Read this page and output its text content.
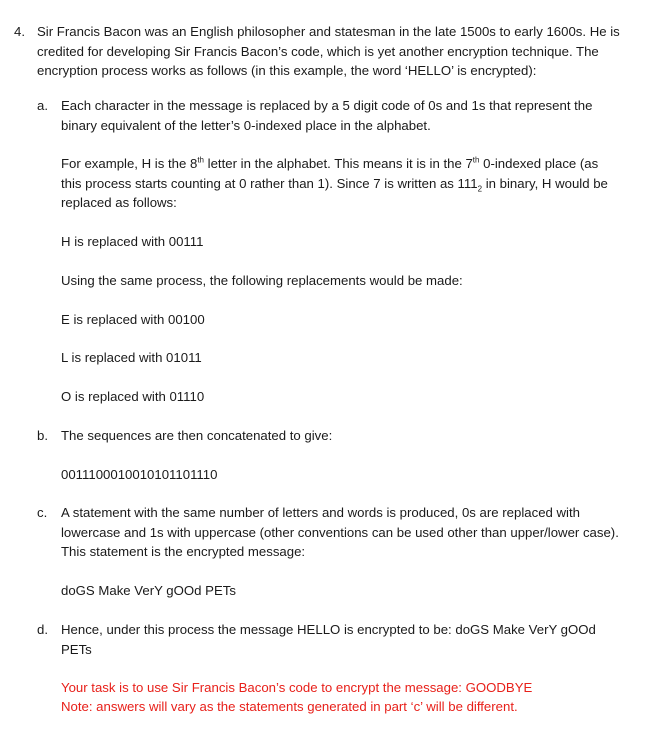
4. Sir Francis Bacon was an English philosopher and statesman in the late 1500s to early 1600s. He is credited for developing Sir Francis Bacon’s code, which is yet another encryption technique. The encryption process works as follows (in this example, the word ‘HELLO’ is encrypted):
a. Each character in the message is replaced by a 5 digit code of 0s and 1s that represent the binary equivalent of the letter’s 0-indexed place in the alphabet.
For example, H is the 8th letter in the alphabet. This means it is in the 7th 0-indexed place (as this process starts counting at 0 rather than 1). Since 7 is written as $111_2$ in binary, H would be replaced as follows:
H is replaced with 00111
Using the same process, the following replacements would be made:
E is replaced with 00100
L is replaced with 01011
O is replaced with 01110
b. The sequences are then concatenated to give:
0011100010010101101110
c. A statement with the same number of letters and words is produced, 0s are replaced with lowercase and 1s with uppercase (other conventions can be used other than upper/lower case). This statement is the encrypted message:
doGS Make VerY gOOd PETs
d. Hence, under this process the message HELLO is encrypted to be: doGS Make VerY gOOd PETs
Your task is to use Sir Francis Bacon’s code to encrypt the message: GOODBYE
Note: answers will vary as the statements generated in part ‘c’ will be different.
